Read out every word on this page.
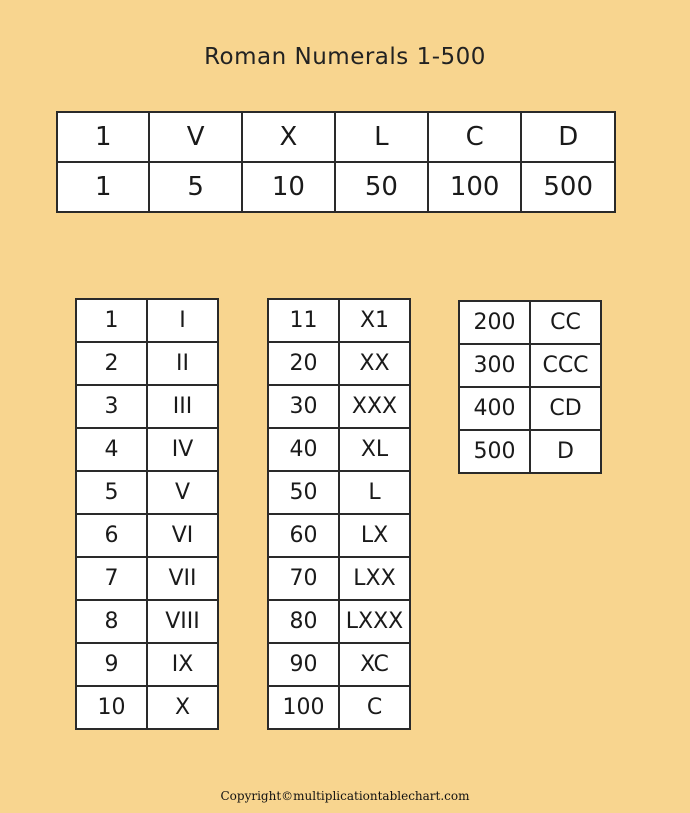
Roman Numerals 1-500
1	V	X	L	C	D
1	5	10	50	100	500
1	I
2	II
3	III
4	IV
5	V
6	VI
7	VII
8	VIII
9	IX
10	X
11	X1
20	XX
30	XXX
40	XL
50	L
60	LX
70	LXX
80	LXXX
90	XC
100	C
200	CC
300	CCC
400	CD
500	D
Copyright©multiplicationtablechart.com
